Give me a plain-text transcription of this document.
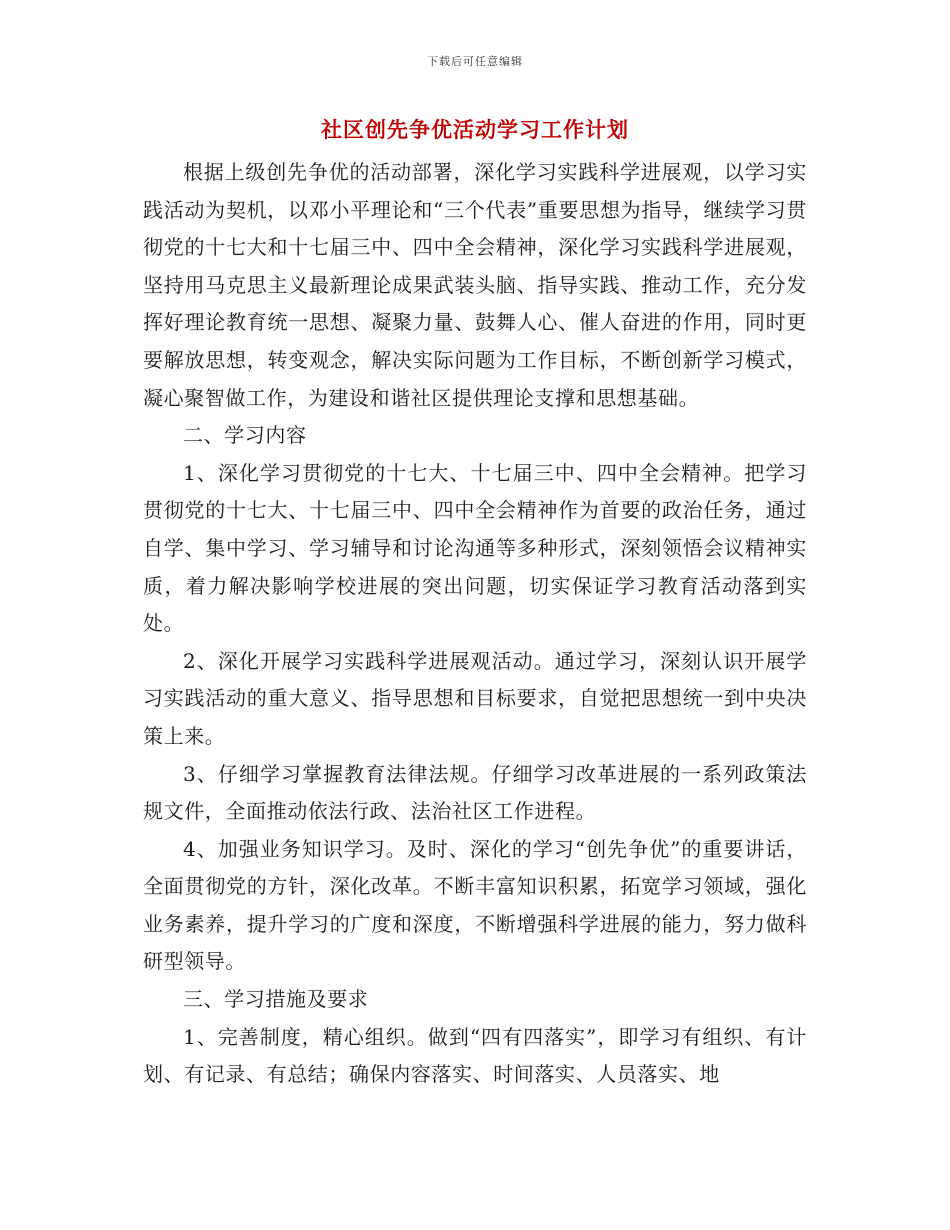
下载后可任意编辑
社区创先争优活动学习工作计划

根据上级创先争优的活动部署，深化学习实践科学进展观，以学习实践活动为契机，以邓小平理论和“三个代表”重要思想为指导，继续学习贯彻党的十七大和十七届三中、四中全会精神，深化学习实践科学进展观，坚持用马克思主义最新理论成果武装头脑、指导实践、推动工作，充分发挥好理论教育统一思想、凝聚力量、鼓舞人心、催人奋进的作用，同时更要解放思想，转变观念，解决实际问题为工作目标，不断创新学习模式，凝心聚智做工作，为建设和谐社区提供理论支撑和思想基础。

二、学习内容

1、深化学习贯彻党的十七大、十七届三中、四中全会精神。把学习贯彻党的十七大、十七届三中、四中全会精神作为首要的政治任务，通过自学、集中学习、学习辅导和讨论沟通等多种形式，深刻领悟会议精神实质，着力解决影响学校进展的突出问题，切实保证学习教育活动落到实处。

2、深化开展学习实践科学进展观活动。通过学习，深刻认识开展学习实践活动的重大意义、指导思想和目标要求，自觉把思想统一到中央决策上来。

3、仔细学习掌握教育法律法规。仔细学习改革进展的一系列政策法规文件，全面推动依法行政、法治社区工作进程。

4、加强业务知识学习。及时、深化的学习“创先争优”的重要讲话，全面贯彻党的方针，深化改革。不断丰富知识积累，拓宽学习领域，强化业务素养，提升学习的广度和深度，不断增强科学进展的能力，努力做科研型领导。

三、学习措施及要求

1、完善制度，精心组织。做到“四有四落实”，即学习有组织、有计划、有记录、有总结；确保内容落实、时间落实、人员落实、地
